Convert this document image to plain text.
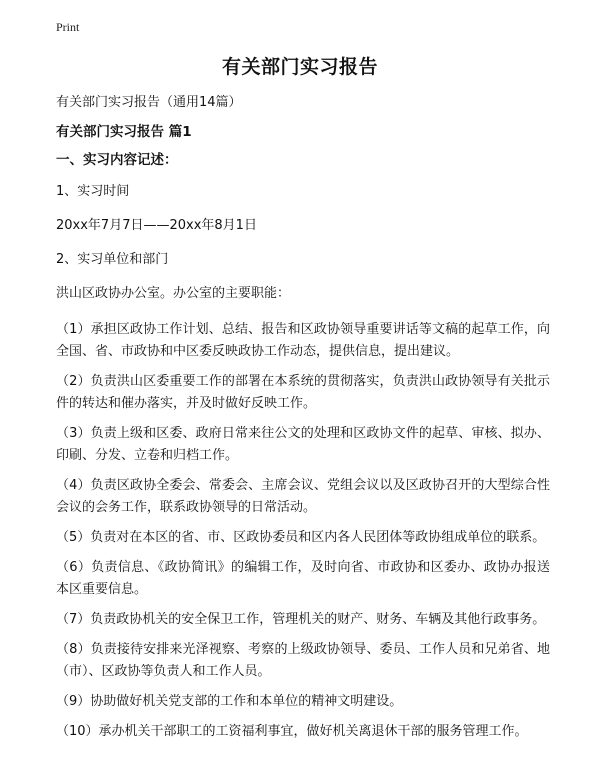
Print
有关部门实习报告

有关部门实习报告（通用14篇）

有关部门实习报告 篇1

一、实习内容记述：

1、实习时间

20xx年7月7日——20xx年8月1日

2、实习单位和部门

洪山区政协办公室。办公室的主要职能：

（1）承担区政协工作计划、总结、报告和区政协领导重要讲话等文稿的起草工作，向全国、省、市政协和中区委反映政协工作动态，提供信息，提出建议。

（2）负责洪山区委重要工作的部署在本系统的贯彻落实，负责洪山政协领导有关批示件的转达和催办落实，并及时做好反映工作。

（3）负责上级和区委、政府日常来往公文的处理和区政协文件的起草、审核、拟办、印刷、分发、立卷和归档工作。

（4）负责区政协全委会、常委会、主席会议、党组会议以及区政协召开的大型综合性会议的会务工作，联系政协领导的日常活动。

（5）负责对在本区的省、市、区政协委员和区内各人民团体等政协组成单位的联系。

（6）负责信息、《政协简讯》的编辑工作，及时向省、市政协和区委办、政协办报送本区重要信息。

（7）负责政协机关的安全保卫工作，管理机关的财产、财务、车辆及其他行政事务。

（8）负责接待安排来光泽视察、考察的上级政协领导、委员、工作人员和兄弟省、地（市）、区政协等负责人和工作人员。

（9）协助做好机关党支部的工作和本单位的精神文明建设。

（10）承办机关干部职工的工资福利事宜，做好机关离退休干部的服务管理工作。
